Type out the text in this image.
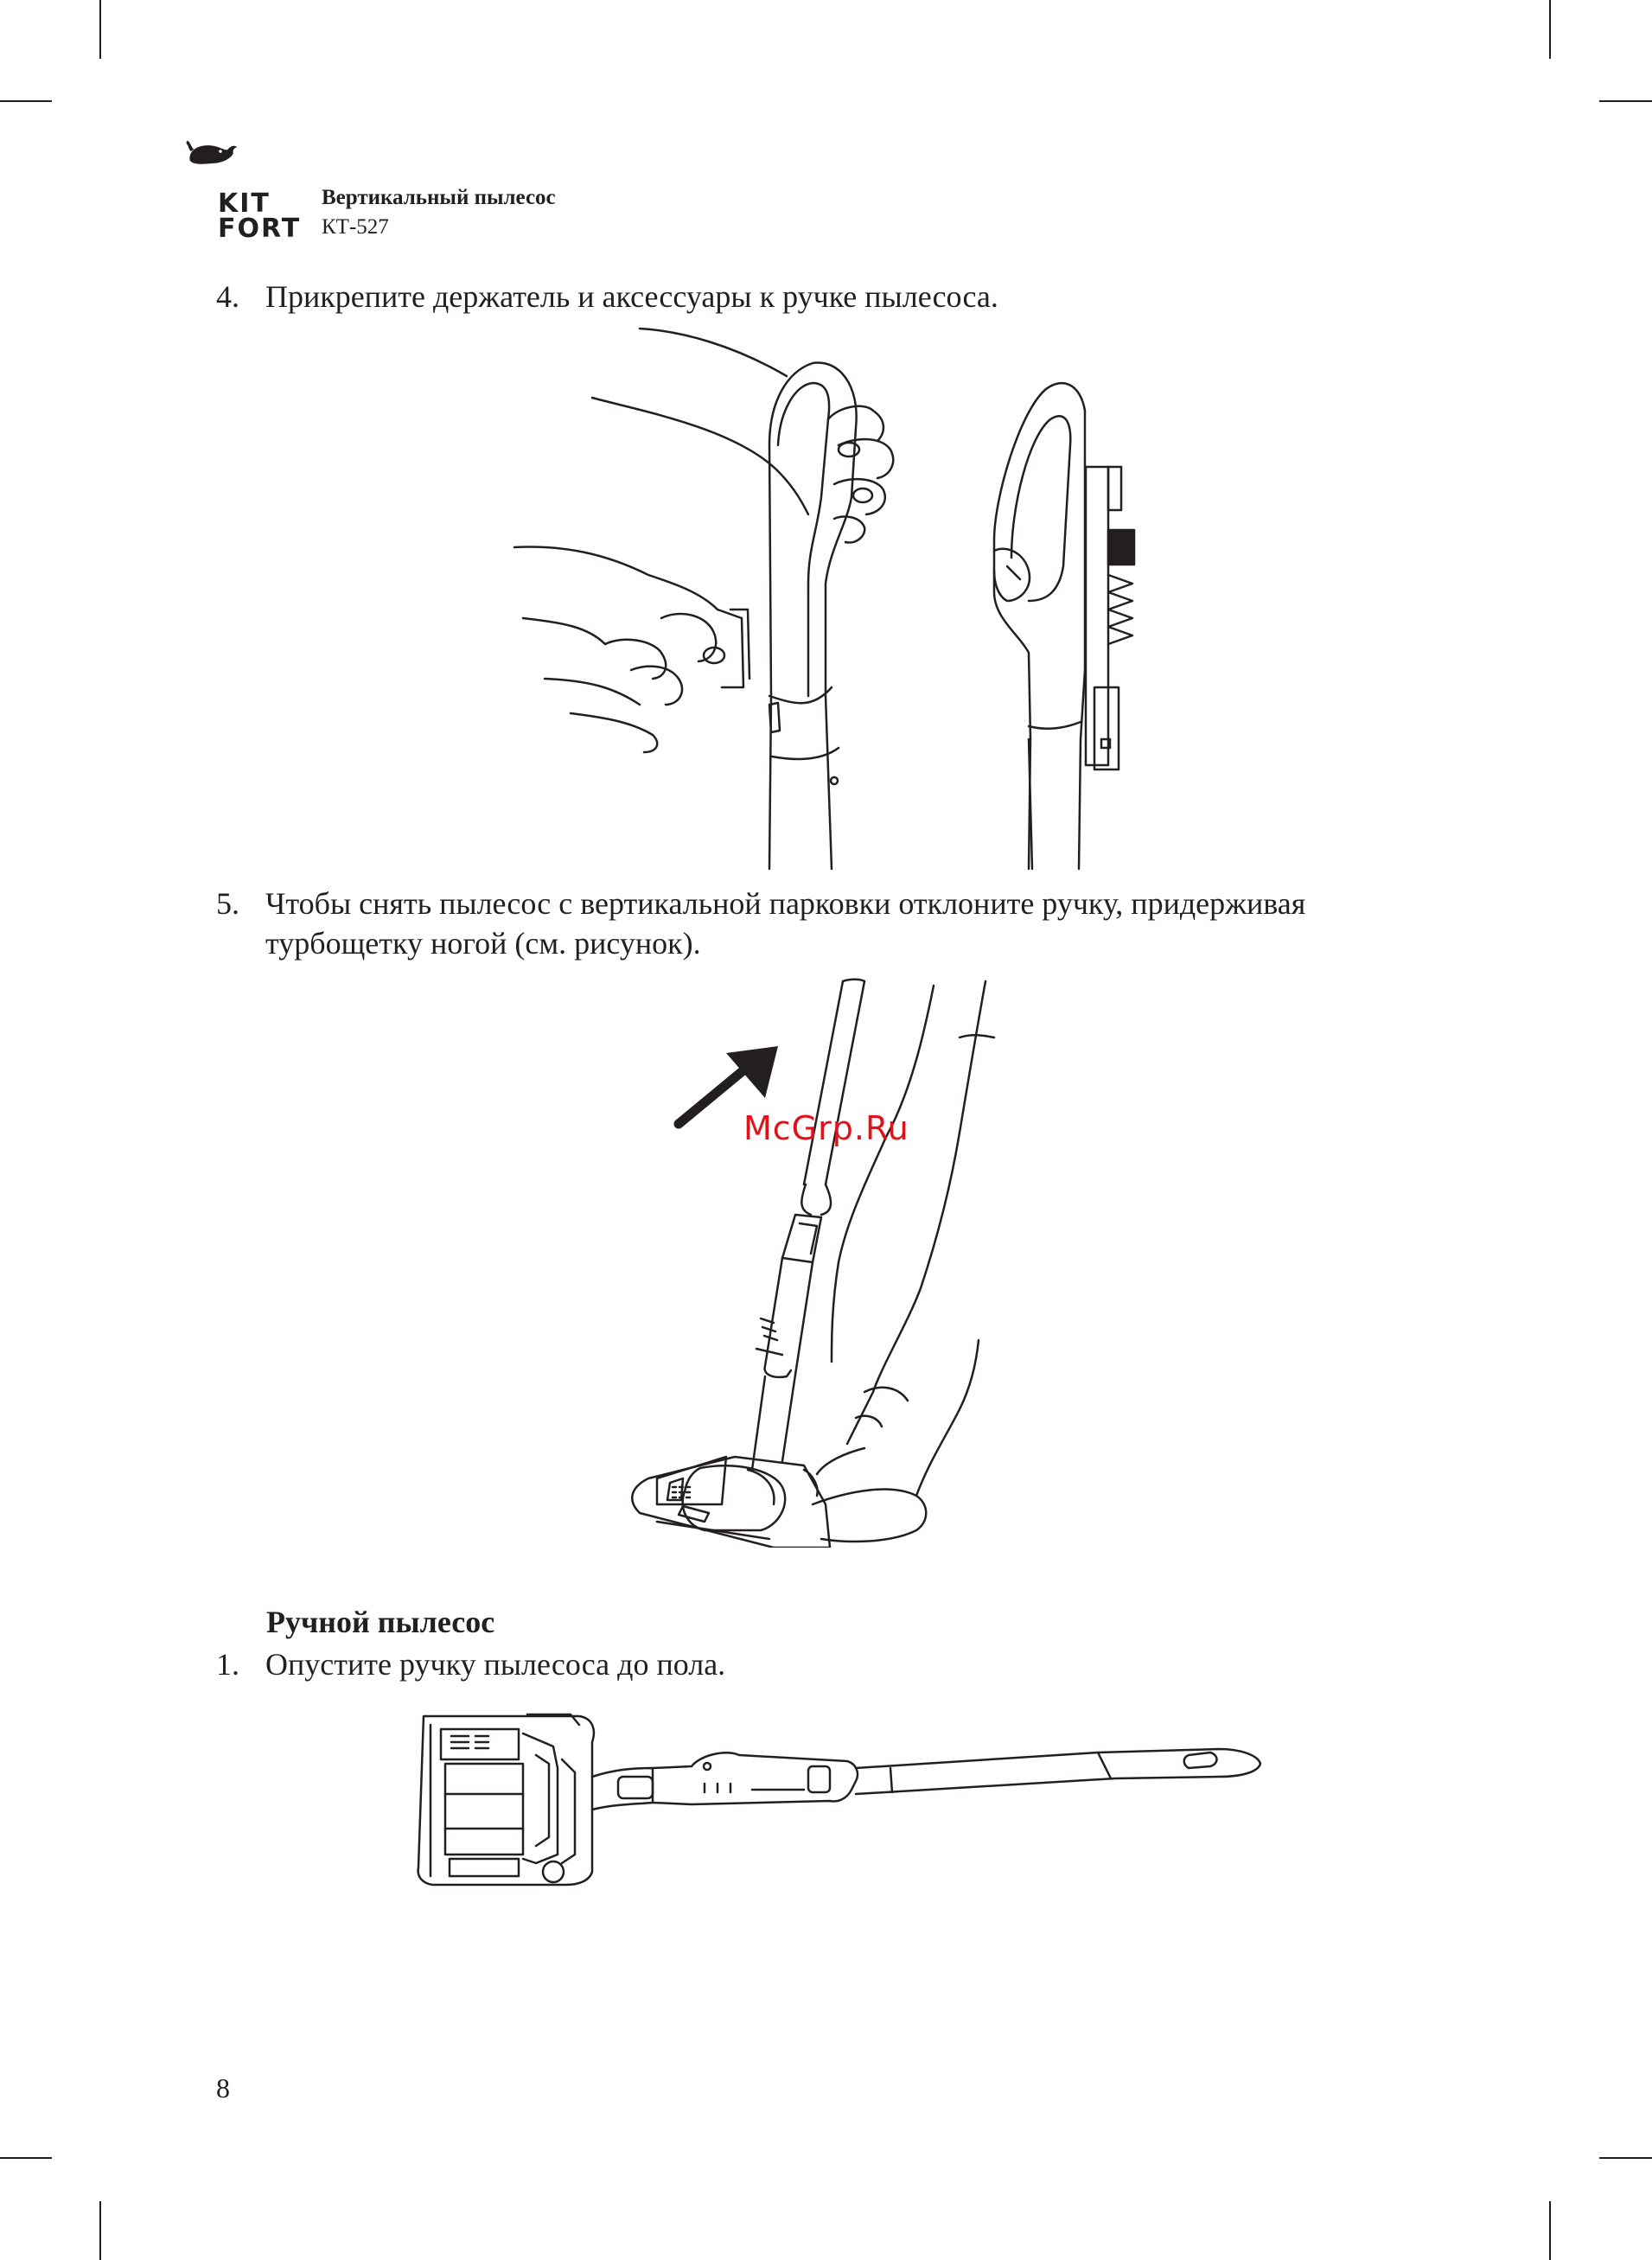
KIT
FORT
Вертикальный пылесос
КТ-527
4. Прикрепите держатель и аксессуары к ручке пылесоса.
5. Чтобы снять пылесос с вертикальной парковки отклоните ручку, придерживая
турбощетку ногой (см. рисунок).
McGrp.Ru
Ручной пылесос
1. Опустите ручку пылесоса до пола.
8
